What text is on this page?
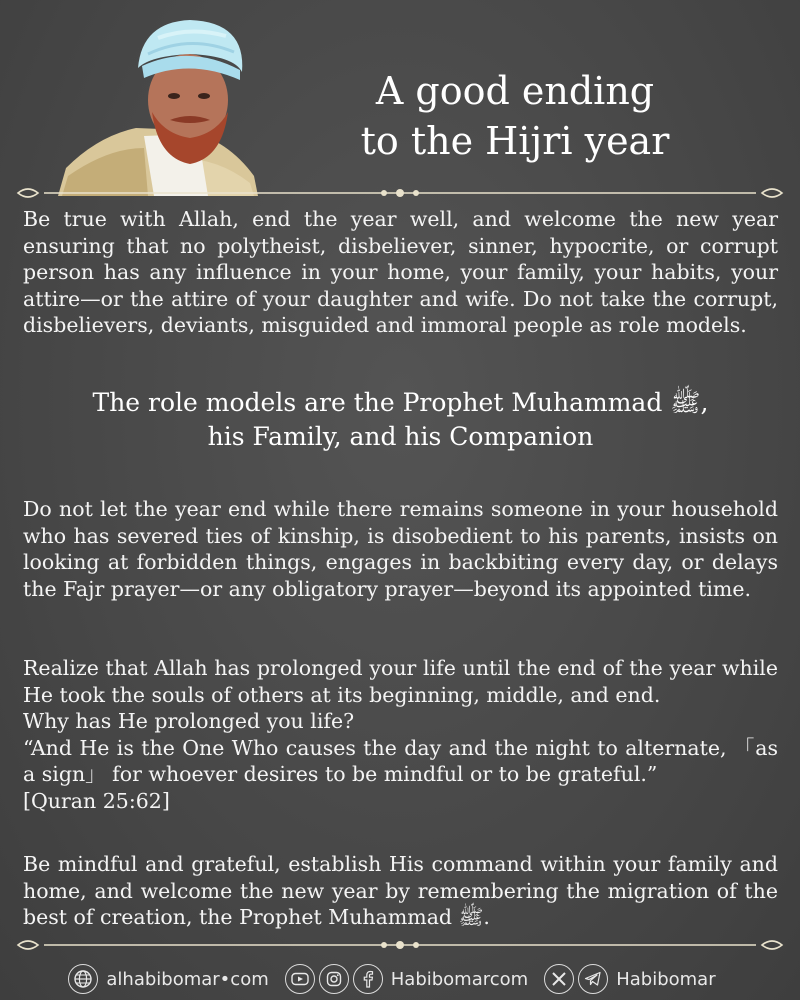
A good ending
to the Hijri year
Be true with Allah, end the year well, and welcome the new year ensuring that no polytheist, disbeliever, sinner, hypocrite, or corrupt person has any influence in your home, your family, your habits, your attire—or the attire of your daughter and wife. Do not take the corrupt, disbelievers, deviants, misguided and immoral people as role models.
The role models are the Prophet Muhammad ﷺ,
his Family, and his Companion
Do not let the year end while there remains someone in your household who has severed ties of kinship, is disobedient to his parents, insists on looking at forbidden things, engages in backbiting every day, or delays the Fajr prayer—or any obligatory prayer—beyond its appointed time.
Realize that Allah has prolonged your life until the end of the year while He took the souls of others at its beginning, middle, and end.
Why has He prolonged you life?
“And He is the One Who causes the day and the night to alternate, 「as a sign」 for whoever desires to be mindful or to be grateful.”
[Quran 25:62]
Be mindful and grateful, establish His command within your family and home, and welcome the new year by remembering the migration of the best of creation, the Prophet Muhammad ﷺ.
alhabibomar•com	Habibomarcom	Habibomar
